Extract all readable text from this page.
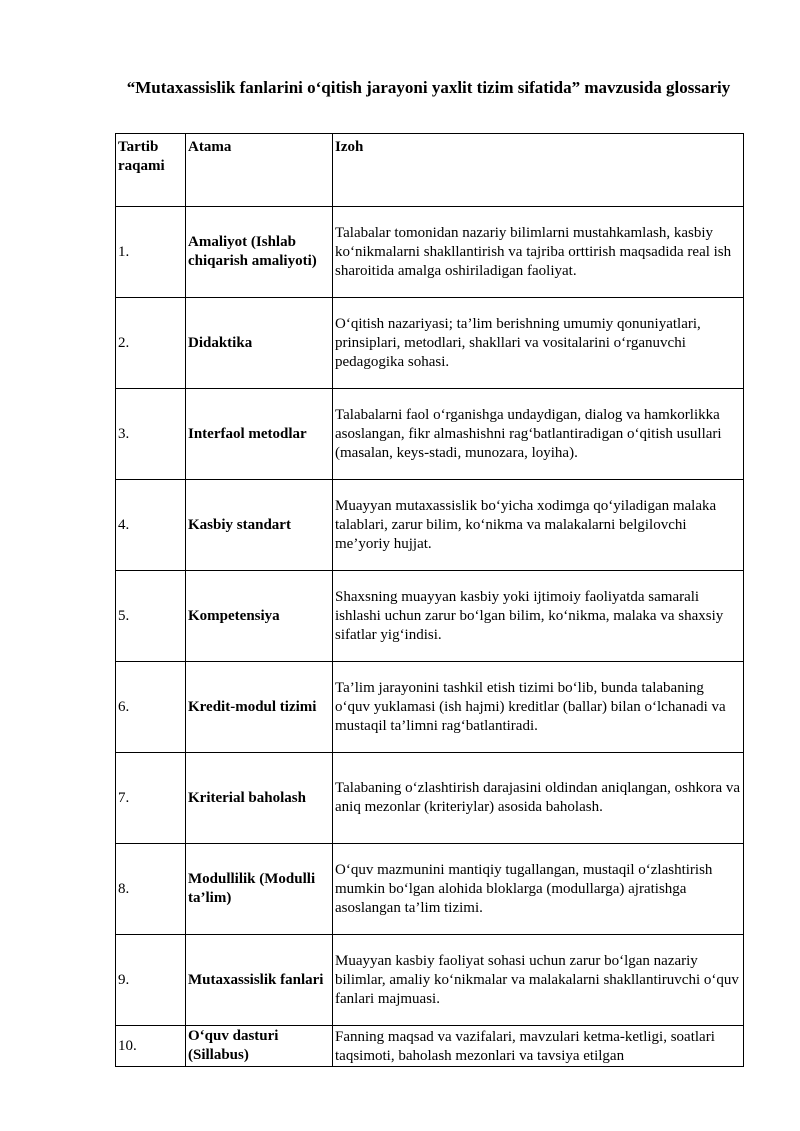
“Mutaxassislik fanlarini o‘qitish jarayoni yaxlit tizim sifatida” mavzusida glossariy
Tartib raqami	Atama	Izoh
1.	Amaliyot (Ishlab chiqarish amaliyoti)	Talabalar tomonidan nazariy bilimlarni mustahkamlash, kasbiy ko‘nikmalarni shakllantirish va tajriba orttirish maqsadida real ish sharoitida amalga oshiriladigan faoliyat.
2.	Didaktika	O‘qitish nazariyasi; ta’lim berishning umumiy qonuniyatlari, prinsiplari, metodlari, shakllari va vositalarini o‘rganuvchi pedagogika sohasi.
3.	Interfaol metodlar	Talabalarni faol o‘rganishga undaydigan, dialog va hamkorlikka asoslangan, fikr almashishni rag‘batlantiradigan o‘qitish usullari (masalan, keys-stadi, munozara, loyiha).
4.	Kasbiy standart	Muayyan mutaxassislik bo‘yicha xodimga qo‘yiladigan malaka talablari, zarur bilim, ko‘nikma va malakalarni belgilovchi me’yoriy hujjat.
5.	Kompetensiya	Shaxsning muayyan kasbiy yoki ijtimoiy faoliyatda samarali ishlashi uchun zarur bo‘lgan bilim, ko‘nikma, malaka va shaxsiy sifatlar yig‘indisi.
6.	Kredit-modul tizimi	Ta’lim jarayonini tashkil etish tizimi bo‘lib, bunda talabaning o‘quv yuklamasi (ish hajmi) kreditlar (ballar) bilan o‘lchanadi va mustaqil ta’limni rag‘batlantiradi.
7.	Kriterial baholash	Talabaning o‘zlashtirish darajasini oldindan aniqlangan, oshkora va aniq mezonlar (kriteriylar) asosida baholash.
8.	Modullilik (Modulli ta’lim)	O‘quv mazmunini mantiqiy tugallangan, mustaqil o‘zlashtirish mumkin bo‘lgan alohida bloklarga (modullarga) ajratishga asoslangan ta’lim tizimi.
9.	Mutaxassislik fanlari	Muayyan kasbiy faoliyat sohasi uchun zarur bo‘lgan nazariy bilimlar, amaliy ko‘nikmalar va malakalarni shakllantiruvchi o‘quv fanlari majmuasi.
10.	O‘quv dasturi (Sillabus)	Fanning maqsad va vazifalari, mavzulari ketma-ketligi, soatlari taqsimoti, baholash mezonlari va tavsiya etilgan
